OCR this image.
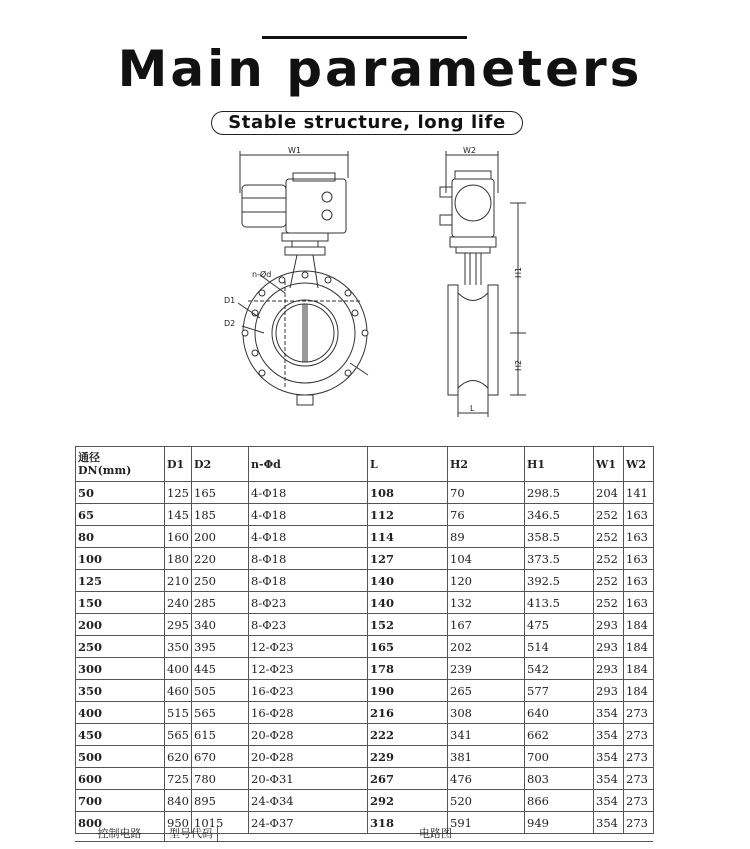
Main parameters
Stable structure, long life
W1	W2
n-Ød
D1
D2
H1
H2
L
通径
DN(mm)	D1	D2	n-Φd	L	H2	H1	W1	W2
50	125	165	4-Φ18	108	70	298.5	204	141
65	145	185	4-Φ18	112	76	346.5	252	163
80	160	200	4-Φ18	114	89	358.5	252	163
100	180	220	8-Φ18	127	104	373.5	252	163
125	210	250	8-Φ18	140	120	392.5	252	163
150	240	285	8-Φ23	140	132	413.5	252	163
200	295	340	8-Φ23	152	167	475	293	184
250	350	395	12-Φ23	165	202	514	293	184
300	400	445	12-Φ23	178	239	542	293	184
350	460	505	16-Φ23	190	265	577	293	184
400	515	565	16-Φ28	216	308	640	354	273
450	565	615	20-Φ28	222	341	662	354	273
500	620	670	20-Φ28	229	381	700	354	273
600	725	780	20-Φ31	267	476	803	354	273
700	840	895	24-Φ34	292	520	866	354	273
800	950	1015	24-Φ37	318	591	949	354	273
控制电路	型号代码	电路图
